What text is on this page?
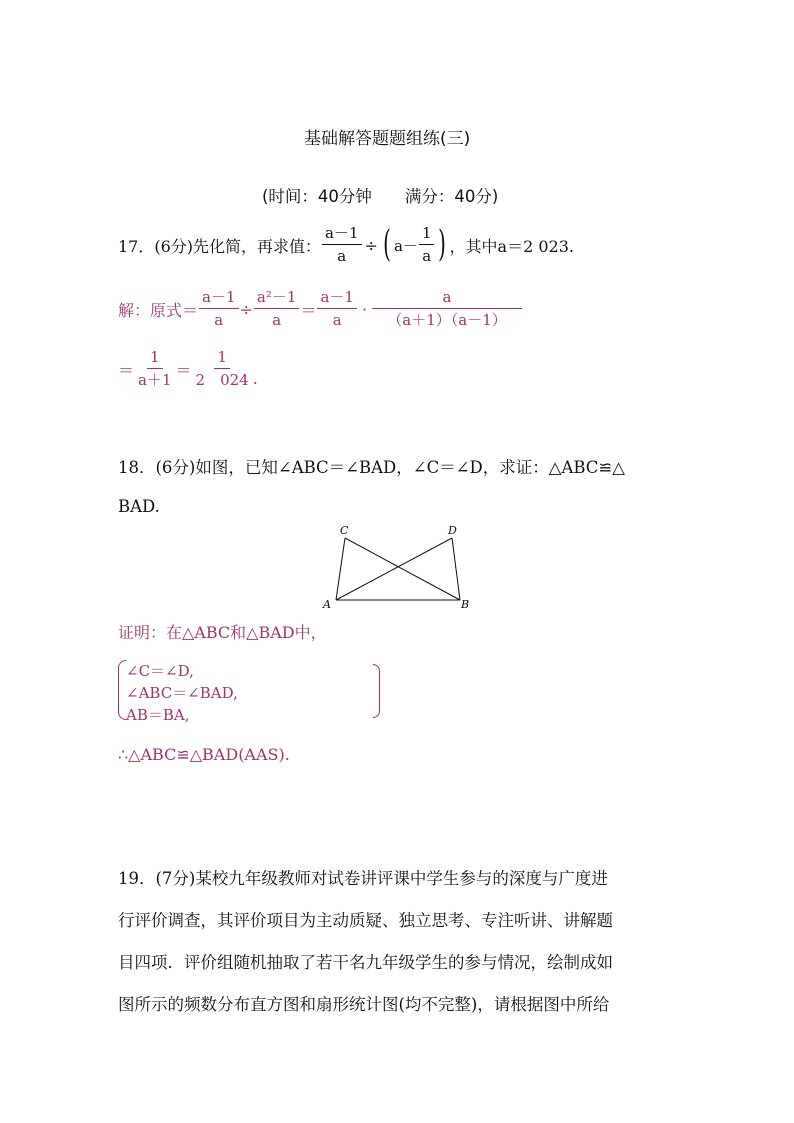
基础解答题题组练(三)
(时间：40分钟　　满分：40分)
17．(6分)先化简，再求值： $\frac{a-1}{a}$ ÷ ( $a- \frac{1}{a}$ ) ，其中a＝2 023.
解：原式＝ $\frac{a-1}{a} \div \frac{\text{a²－1}}{a} = \frac{a-1}{a} \cdot \frac{a}{(a+1)(a-1)}$
＝ $\frac{1}{a+1} = \frac{1}{2 024}$ .
18．(6分)如图，已知∠ABC＝∠BAD，∠C＝∠D，求证：△ABC≌△
BAD.
C	D
A	B
证明：在△ABC和△BAD中，
∠C＝∠D,
∠ABC＝∠BAD,
AB＝BA,
∴△ABC≌△BAD(AAS).
19．(7分)某校九年级教师对试卷讲评课中学生参与的深度与广度进
行评价调查，其评价项目为主动质疑、独立思考、专注听讲、讲解题
目四项．评价组随机抽取了若干名九年级学生的参与情况，绘制成如
图所示的频数分布直方图和扇形统计图(均不完整)，请根据图中所给
